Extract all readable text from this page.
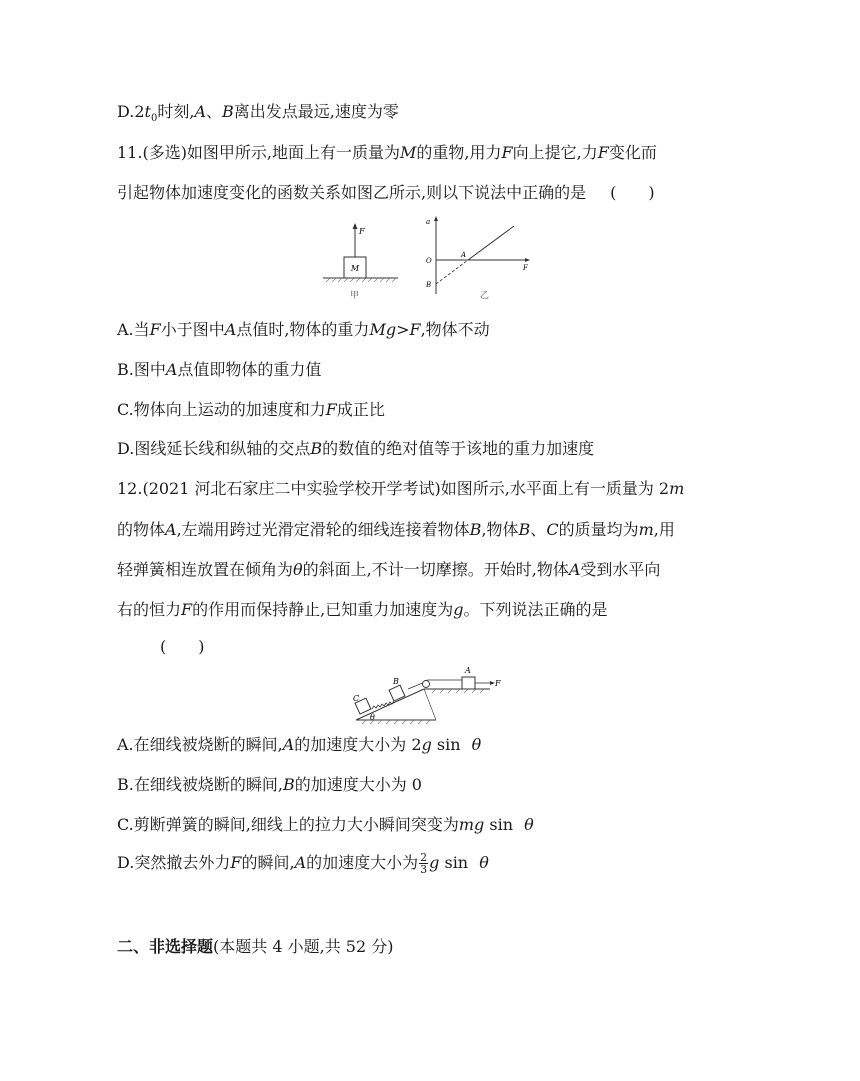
$D.2t_0$时刻,A、B离出发点最远,速度为零
11.(多选)如图甲所示,地面上有一质量为M的重物,用力F向上提它,力F变化而
引起物体加速度变化的函数关系如图乙所示,则以下说法中正确的是 (　　)
M
F
甲
a
F
O
A
B
乙
A.当F小于图中A点值时,物体的重力Mg>F,物体不动
B.图中A点值即物体的重力值
C.物体向上运动的加速度和力F成正比
D.图线延长线和纵轴的交点B的数值的绝对值等于该地的重力加速度
12.(2021 河北石家庄二中实验学校开学考试)如图所示,水平面上有一质量为 2m
的物体A,左端用跨过光滑定滑轮的细线连接着物体B,物体B、C的质量均为m,用
轻弹簧相连放置在倾角为θ的斜面上,不计一切摩擦。开始时,物体A受到水平向
右的恒力F的作用而保持静止,已知重力加速度为g。下列说法正确的是
(　　)
A
F
B
C
θ
A.在细线被烧断的瞬间,A的加速度大小为 2g sin θ
B.在细线被烧断的瞬间,B的加速度大小为 0
C.剪断弹簧的瞬间,细线上的拉力大小瞬间突变为mg sin θ
D.突然撤去外力F的瞬间,A的加速度大小为 $\frac{2}{3}$ g sin θ
二、非选择题(本题共 4 小题,共 52 分)
